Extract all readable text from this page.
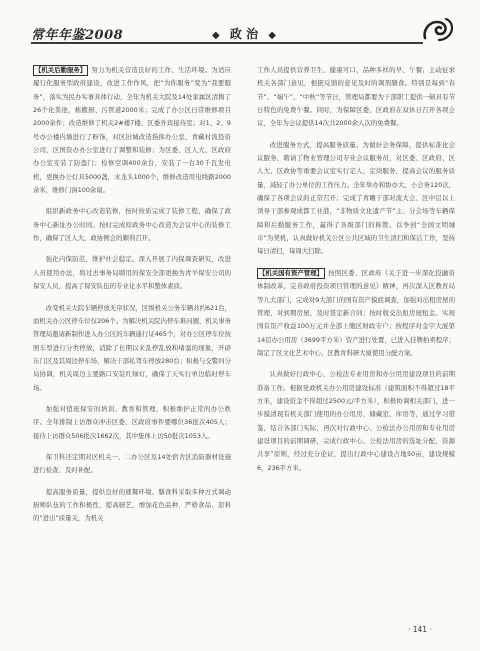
常年年鉴2008	◆ 政 治 ◆

【机关后勤服务】 努力为机关营造良好的工作、生活环境。为适应履行化服务型政府建设，改进工作作风，把“为你服务”变为“我要服务”，落实为民办实事具体行动，全年为机关大院及14处家属区清掏了26个化粪池，栋搬厨、污管道2000米；完成了办公区日常维修项目2000余件；改造维修了机关2#楼7楼、区委外宾接待室；对1、2、9号办公楼内墙进行了粉饰，对区旧城改造指挥办公室、青藏村流投资公司、区国资办办公室进行了调整和装修；为区委、区人大、区政府办公室安装了防盗门；检修空调400余台，安装了一台30千瓦发电机，更换办公灯具5000盏，水龙头1000个，维修改造用电线路2000余米，维修门窗100余扇。

组织新政务中心改造装修，按时按质完成了装修工程，确保了政务中心新址办公时间。按时完成原政务中心改造为会议中心的装修工作，确保了区人大、政协例会的顺利召开。

强化内保防范，维护社会稳定。深入开展了内保调查研究，改进人员使用办法，将过去事务局聘用的保安全部更换为青羊保安公司的保安人员，提高了保安队伍的专业化水平和整体素质。

改变机关大院车辆停放无序状况，区级机关公务车辆共约621台，而机关办公区停车位仅206个。为解决机关院内停车难问题，机关事务管理局邀请新制作进入办公区的车辆通行证465个，对办公区停车位按照车型进行分类停放，消除了长期以来乱停乱放和堵塞的现象，开辟东门区及其周边停车场，解决干部私驾车停放280台；积极与交警四分局协调，机关周边主要路口安装红绿灯，确保了天实行单边临时停车场。

加强对值班保安的培训、教育和管理，积极维护正常的办公秩序。全年排制上访群众冲击区委、区政府事件要哪位36批次405人；接待上访群众506批次1662次，其中集体上访50批次1053人。

保卫科还定期对区机关一、二办公区及14处宿舍区消防器材设施进行检查、及时补配。

提高服务质量，提供良好的就餐环境。膳食科采取多种方式调动厨师队伍的工作积极性，提高厨艺，增加花色品种，严格食品、原料的“进出”质量关，为机关

工作人员提供营养卫生、健康可口、品种多样的早、午餐；主动征求机关各部门意见，根据反馈的意见及时的调剂膳食。特别是每到“春节”、“端午”、“中秋”等节日，管理局都要为干部职工提供一顿具有节日特色的免费午餐。同时，为保障区委、区政府在双休日召开各项会议，全年为会议提供14次共2000余人次的免费餐。

改进服务方式，提高服务质量。为做好会务保障，提供标准化会议服务，聘请了物业管理公司专业会议服务员，对区委、区政府、区人大、区政协等重要会议室实行定人、定岗服务，提高会议的服务质量，减轻了办公单位的工作压力。全年举办和协办大、小会务120次，确保了各项会议的正常召开；完成了青雕干部对流大会、区中层以上领导干部参观成都工业港、“非物质文化遗产节”主、分会场等车辆保障和后勤服务工作，赢得了各级部门的称赞。以争创“全国文明城市”为契机，认真做好机关公区公共区域的卫生清扫和保洁工作，坚持每日清扫，每周大扫除。

【机关国有资产管理】 按照区委、区政府《关于进一步深化投融资体制改革，完善政府投资项目管理的意见》精神，再次深入区教育局等九大部门，完成对9大部门的国有资产摸底调查，加强对出租房屋的管理，对到期房屋，及时签定新合同；按时收交出租房屋租金。实现国有资产收益100万元并全部上缴区财政专户；按程序对金字大厦第14层办公用房（3699平方米）资产进行处置，已进入挂牌拍卖程序；制定了区文化艺术中心、区教育科研大厦使用分配方案。

认真做好行政中心、公检法专业用房和办公用房建设项目的前期准备工作。根据党政机关办公用房建设标准（建筑面积不得超过18平方米，建设资金不得超过2500元/平方米），积极协调相关部门，进一步摸清现有机关部门使用的办公用房、储藏室、库房等，通过学习借鉴，结合各部门实际，再次对行政中心、公检法办公用房和专业用房建设项目的前期调研，完成行政中心、公检法用房的选址分配、资源共享”原则，经过充分论证，提出行政中心建设占地50亩，建设规模6，236平方米。

· 141 ·
